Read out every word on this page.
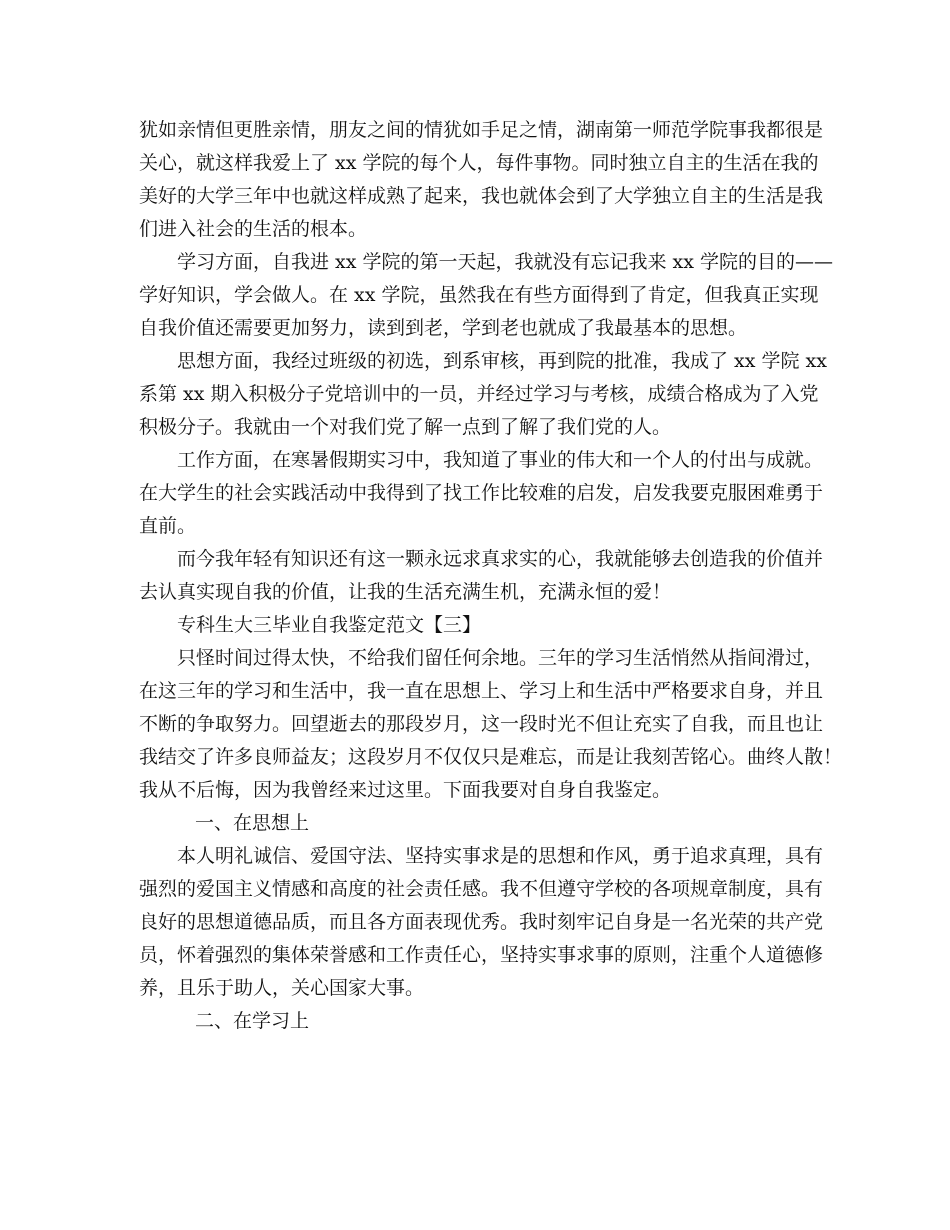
犹如亲情但更胜亲情，朋友之间的情犹如手足之情，湖南第一师范学院事我都很是
关心，就这样我爱上了 xx 学院的每个人，每件事物。同时独立自主的生活在我的
美好的大学三年中也就这样成熟了起来，我也就体会到了大学独立自主的生活是我
们进入社会的生活的根本。
学习方面，自我进 xx 学院的第一天起，我就没有忘记我来 xx 学院的目的——
学好知识，学会做人。在 xx 学院，虽然我在有些方面得到了肯定，但我真正实现
自我价值还需要更加努力，读到到老，学到老也就成了我最基本的思想。
思想方面，我经过班级的初选，到系审核，再到院的批准，我成了 xx 学院 xx
系第 xx 期入积极分子党培训中的一员，并经过学习与考核，成绩合格成为了入党
积极分子。我就由一个对我们党了解一点到了解了我们党的人。
工作方面，在寒暑假期实习中，我知道了事业的伟大和一个人的付出与成就。
在大学生的社会实践活动中我得到了找工作比较难的启发，启发我要克服困难勇于
直前。
而今我年轻有知识还有这一颗永远求真求实的心，我就能够去创造我的价值并
去认真实现自我的价值，让我的生活充满生机，充满永恒的爱！
专科生大三毕业自我鉴定范文【三】
只怪时间过得太快，不给我们留任何余地。三年的学习生活悄然从指间滑过，
在这三年的学习和生活中，我一直在思想上、学习上和生活中严格要求自身，并且
不断的争取努力。回望逝去的那段岁月，这一段时光不但让充实了自我，而且也让
我结交了许多良师益友；这段岁月不仅仅只是难忘，而是让我刻苦铭心。曲终人散！
我从不后悔，因为我曾经来过这里。下面我要对自身自我鉴定。
一、在思想上
本人明礼诚信、爱国守法、坚持实事求是的思想和作风，勇于追求真理，具有
强烈的爱国主义情感和高度的社会责任感。我不但遵守学校的各项规章制度，具有
良好的思想道德品质，而且各方面表现优秀。我时刻牢记自身是一名光荣的共产党
员，怀着强烈的集体荣誉感和工作责任心，坚持实事求事的原则，注重个人道德修
养，且乐于助人，关心国家大事。
二、在学习上
